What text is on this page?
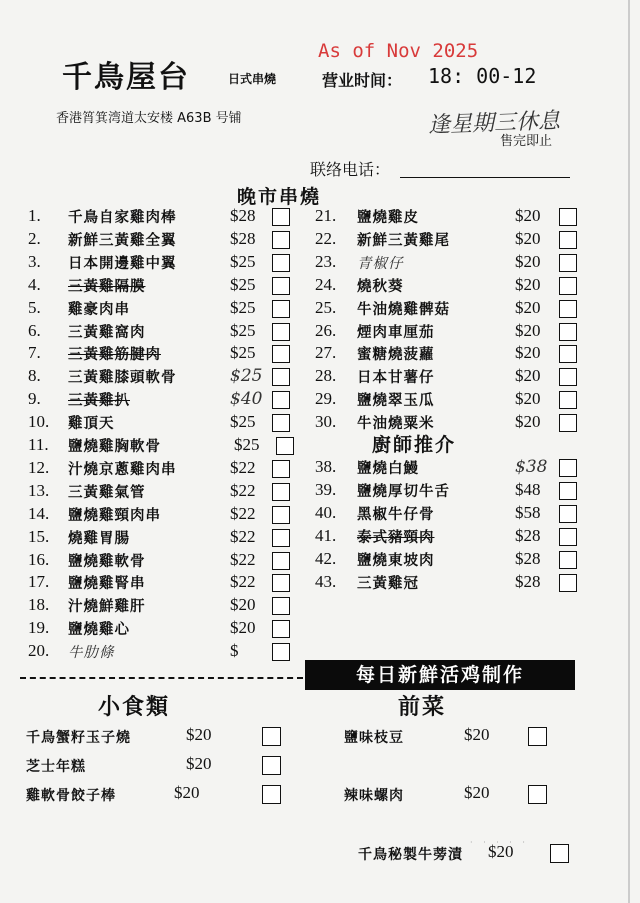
千鳥屋台	日式串燒
As of Nov 2025
营业时间： 18: 00-12
香港筲箕湾道太安楼 A63B 号铺	逢星期三休息
售完即止
联络电话：
晚市串燒
廚師推介
1. 千鳥自家雞肉棒	$28
2. 新鮮三黃雞全翼	$28
3. 日本開邊雞中翼	$25
4. 三黃雞隔膜	$25
5. 雞豪肉串	$25
6. 三黃雞窩肉	$25
7. 三黃雞筋腱肉	$25
8. 三黃雞膝頭軟骨	$25
9. 三黃雞扒	$40
10. 雞頂天	$25
11. 鹽燒雞胸軟骨	$25
12. 汁燒京蔥雞肉串	$22
13. 三黃雞氣管	$22
14. 鹽燒雞頸肉串	$22
15. 燒雞胃腸	$22
16. 鹽燒雞軟骨	$22
17. 鹽燒雞腎串	$22
18. 汁燒鮮雞肝	$20
19. 鹽燒雞心	$20
20. 牛肋條	$
21. 鹽燒雞皮	$20
22. 新鮮三黃雞尾	$20
23. 青椒仔	$20
24. 燒秋葵	$20
25. 牛油燒雞髀菇	$20
26. 煙肉車厘茄	$20
27. 蜜糖燒菠蘿	$20
28. 日本甘薯仔	$20
29. 鹽燒翠玉瓜	$20
30. 牛油燒粟米	$20
38. 鹽燒白鰻	$38
39. 鹽燒厚切牛舌	$48
40. 黑椒牛仔骨	$58
41. 泰式豬頸肉	$28
42. 鹽燒東坡肉	$28
43. 三黃雞冠	$28
每日新鮮活鸡制作
小食類	前菜
千鳥蟹籽玉子燒	$20
芝士年糕	$20
雞軟骨餃子棒	$20
鹽味枝豆	$20
辣味螺肉	$20
千鳥秘製牛蒡漬 $20
· · · · ·
